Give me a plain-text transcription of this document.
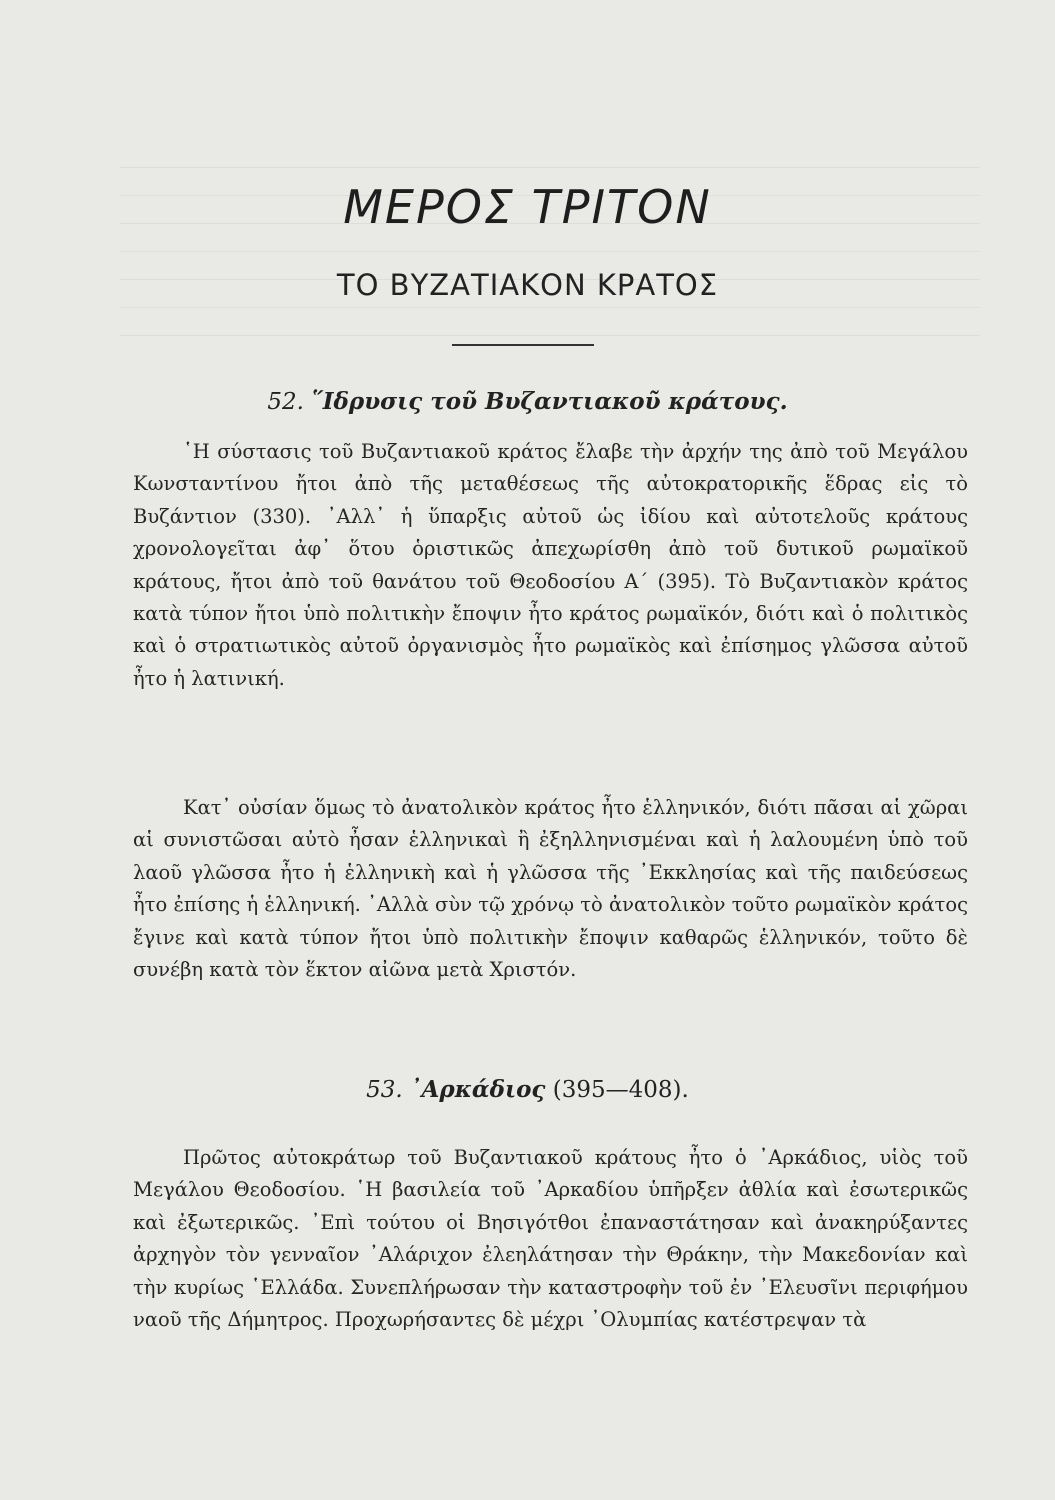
ΜΕΡΟΣ ΤΡΙΤΟΝ
ΤΟ ΒΥΖΑΤΙΑΚΟΝ ΚΡΑΤΟΣ
52. ῞Ιδρυσις τοῦ Βυζαντιακοῦ κράτους.

῾Η σύστασις τοῦ Βυζαντιακοῦ κράτος ἔλαβε τὴν ἀρχήν της ἀπὸ τοῦ Μεγάλου Κωνσταντίνου ἤτοι ἀπὸ τῆς μεταθέσεως τῆς αὐτοκρατορικῆς ἕδρας εἰς τὸ Βυζάντιον (330). ᾿Αλλ᾿ ἡ ὕπαρξις αὐτοῦ ὡς ἰδίου καὶ αὐτοτελοῦς κράτους χρονολογεῖται ἀφ᾿ ὅτου ὁριστικῶς ἀπεχωρίσθη ἀπὸ τοῦ δυτικοῦ ρωμαϊκοῦ κράτους, ἤτοι ἀπὸ τοῦ θανάτου τοῦ Θεοδοσίου Α΄ (395). Τὸ Βυζαντιακὸν κράτος κατὰ τύπον ἤτοι ὑπὸ πολιτικὴν ἔποψιν ἦτο κράτος ρωμαϊκόν, διότι καὶ ὁ πολιτικὸς καὶ ὁ στρατιωτικὸς αὐτοῦ ὀργανισμὸς ἦτο ρωμαϊκὸς καὶ ἐπίσημος γλῶσσα αὐτοῦ ἦτο ἡ λατινική.

Κατ᾿ οὐσίαν ὅμως τὸ ἀνατολικὸν κράτος ἦτο ἑλληνικόν, διότι πᾶσαι αἱ χῶραι αἱ συνιστῶσαι αὐτὸ ἦσαν ἑλληνικαὶ ἢ ἐξηλληνισμέναι καὶ ἡ λαλουμένη ὑπὸ τοῦ λαοῦ γλῶσσα ἦτο ἡ ἑλληνικὴ καὶ ἡ γλῶσσα τῆς ᾿Εκκλησίας καὶ τῆς παιδεύσεως ἦτο ἐπίσης ἡ ἑλληνική. ᾿Αλλὰ σὺν τῷ χρόνῳ τὸ ἀνατολικὸν τοῦτο ρωμαϊκὸν κράτος ἔγινε καὶ κατὰ τύπον ἤτοι ὑπὸ πολιτικὴν ἔποψιν καθαρῶς ἑλληνικόν, τοῦτο δὲ συνέβη κατὰ τὸν ἕκτον αἰῶνα μετὰ Χριστόν.

53. ᾿Αρκάδιος (395—408).

Πρῶτος αὐτοκράτωρ τοῦ Βυζαντιακοῦ κράτους ἦτο ὁ ᾿Αρκάδιος, υἱὸς τοῦ Μεγάλου Θεοδοσίου. ῾Η βασιλεία τοῦ ᾿Αρκαδίου ὑπῆρξεν ἀθλία καὶ ἐσωτερικῶς καὶ ἐξωτερικῶς. ᾿Επὶ τούτου οἱ Βησιγότθοι ἐπαναστάτησαν καὶ ἀνακηρύξαντες ἀρχηγὸν τὸν γενναῖον ᾿Αλάριχον ἐλεηλάτησαν τὴν Θράκην, τὴν Μακεδονίαν καὶ τὴν κυρίως ῾Ελλάδα. Συνεπλήρωσαν τὴν καταστροφὴν τοῦ ἐν ᾿Ελευσῖνι περιφήμου ναοῦ τῆς Δήμητρος. Προχωρήσαντες δὲ μέχρι ᾿Ολυμπίας κατέστρεψαν τὰ
